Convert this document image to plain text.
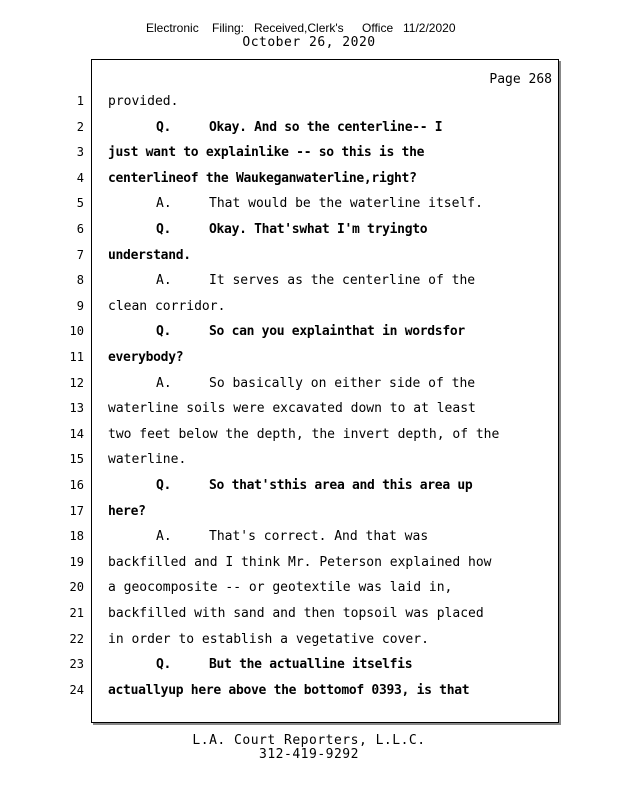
Electronic Filing: Received,Clerk's Office 11/2/2020
October 26, 2020
Page 268
1 provided.
2	Q.	Okay. And so the centerline-- I
3 just want to explainlike -- so this is the
4 centerlineof the Waukeganwaterline,right?
5	A.	That would be the waterline itself.
6	Q.	Okay. That'swhat I'm tryingto
7 understand.
8	A.	It serves as the centerline of the
9 clean corridor.
10	Q.	So can you explainthat in wordsfor
11 everybody?
12	A.	So basically on either side of the
13 waterline soils were excavated down to at least
14 two feet below the depth, the invert depth, of the
15 waterline.
16	Q.	So that'sthis area and this area up
17 here?
18	A.	That's correct. And that was
19 backfilled and I think Mr. Peterson explained how
20 a geocomposite -- or geotextile was laid in,
21 backfilled with sand and then topsoil was placed
22 in order to establish a vegetative cover.
23	Q.	But the actualline itselfis
24 actuallyup here above the bottomof 0393, is that
L.A. Court Reporters, L.L.C.
312-419-9292
